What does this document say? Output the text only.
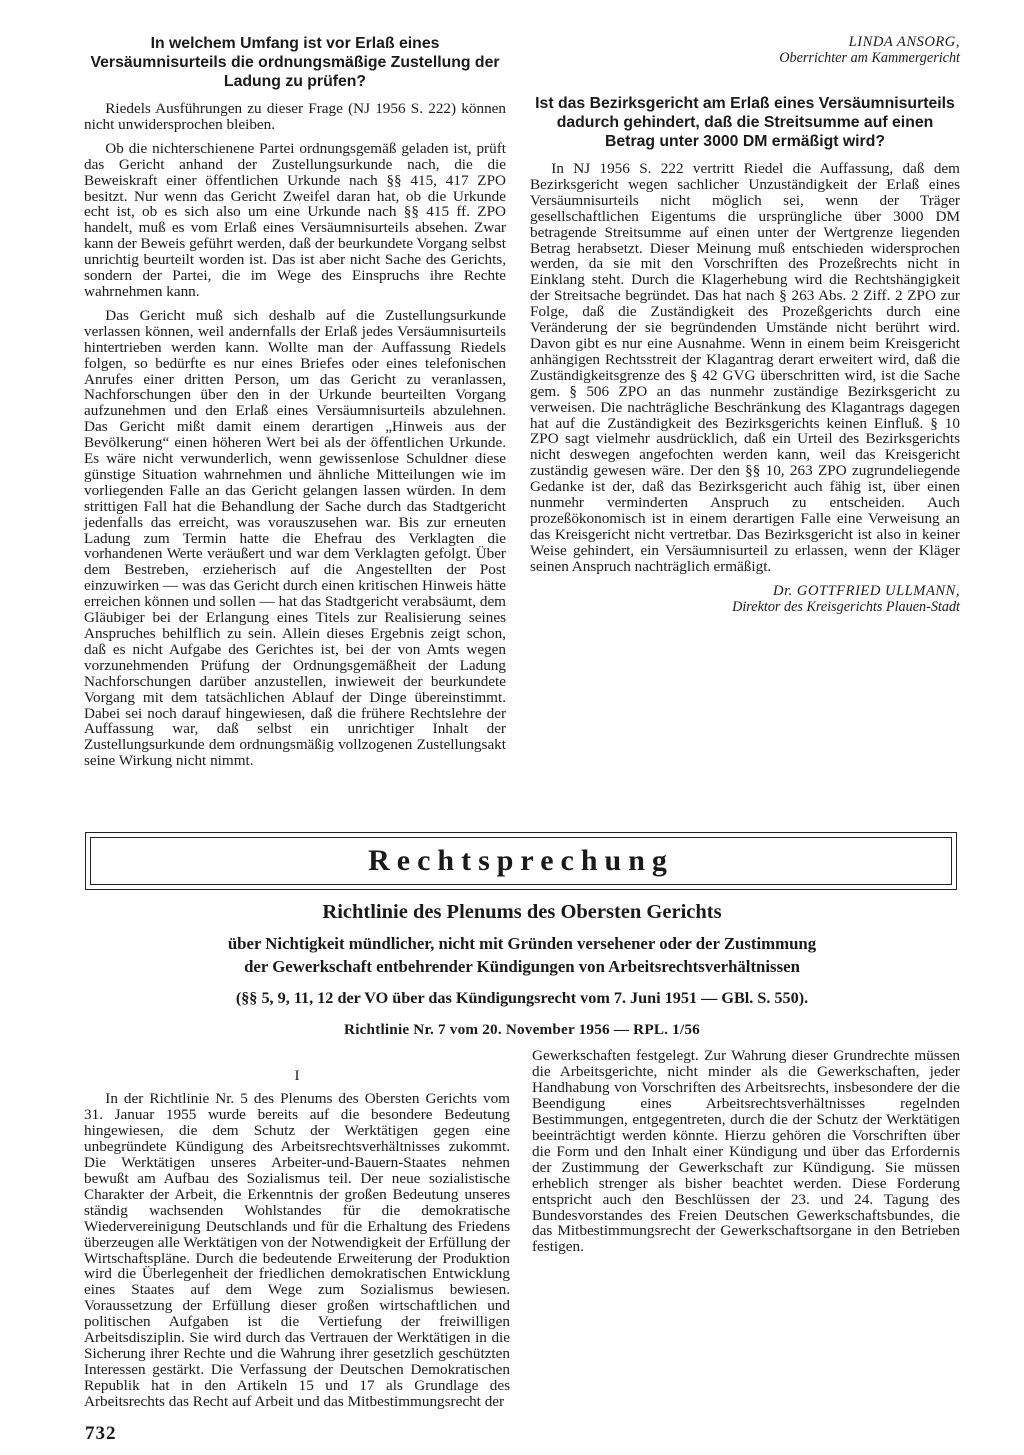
In welchem Umfang ist vor Erlaß eines Versäumnisurteils die ordnungsmäßige Zustellung der Ladung zu prüfen?

Riedels Ausführungen zu dieser Frage (NJ 1956 S. 222) können nicht unwidersprochen bleiben.

Ob die nichterschienene Partei ordnungsgemäß geladen ist, prüft das Gericht anhand der Zustellungsurkunde nach, die die Beweiskraft einer öffentlichen Urkunde nach §§ 415, 417 ZPO besitzt. Nur wenn das Gericht Zweifel daran hat, ob die Urkunde echt ist, ob es sich also um eine Urkunde nach §§ 415 ff. ZPO handelt, muß es vom Erlaß eines Versäumnisurteils absehen. Zwar kann der Beweis geführt werden, daß der beurkundete Vorgang selbst unrichtig beurteilt worden ist. Das ist aber nicht Sache des Gerichts, sondern der Partei, die im Wege des Einspruchs ihre Rechte wahrnehmen kann.

Das Gericht muß sich deshalb auf die Zustellungsurkunde verlassen können, weil andernfalls der Erlaß jedes Versäumnisurteils hintertrieben werden kann. Wollte man der Auffassung Riedels folgen, so bedürfte es nur eines Briefes oder eines telefonischen Anrufes einer dritten Person, um das Gericht zu veranlassen, Nachforschungen über den in der Urkunde beurteilten Vorgang aufzunehmen und den Erlaß eines Versäumnisurteils abzulehnen. Das Gericht mißt damit einem derartigen „Hinweis aus der Bevölkerung“ einen höheren Wert bei als der öffentlichen Urkunde. Es wäre nicht verwunderlich, wenn gewissenlose Schuldner diese günstige Situation wahrnehmen und ähnliche Mitteilungen wie im vorliegenden Falle an das Gericht gelangen lassen würden. In dem strittigen Fall hat die Behandlung der Sache durch das Stadtgericht jedenfalls das erreicht, was vorauszusehen war. Bis zur erneuten Ladung zum Termin hatte die Ehefrau des Verklagten die vorhandenen Werte veräußert und war dem Verklagten gefolgt. Über dem Bestreben, erzieherisch auf die Angestellten der Post einzuwirken — was das Gericht durch einen kritischen Hinweis hätte erreichen können und sollen — hat das Stadtgericht verabsäumt, dem Gläubiger bei der Erlangung eines Titels zur Realisierung seines Anspruches behilflich zu sein. Allein dieses Ergebnis zeigt schon, daß es nicht Aufgabe des Gerichtes ist, bei der von Amts wegen vorzunehmenden Prüfung der Ordnungsgemäßheit der Ladung Nachforschungen darüber anzustellen, inwieweit der beurkundete Vorgang mit dem tatsächlichen Ablauf der Dinge übereinstimmt. Dabei sei noch darauf hingewiesen, daß die frühere Rechtslehre der Auffassung war, daß selbst ein unrichtiger Inhalt der Zustellungsurkunde dem ordnungsmäßig vollzogenen Zustellungsakt seine Wirkung nicht nimmt.

LINDA ANSORG,

Oberrichter am Kammergericht

Ist das Bezirksgericht am Erlaß eines Versäumnisurteils dadurch gehindert, daß die Streitsumme auf einen Betrag unter 3000 DM ermäßigt wird?

In NJ 1956 S. 222 vertritt Riedel die Auffassung, daß dem Bezirksgericht wegen sachlicher Unzuständigkeit der Erlaß eines Versäumnisurteils nicht möglich sei, wenn der Träger gesellschaftlichen Eigentums die ursprüngliche über 3000 DM betragende Streitsumme auf einen unter der Wertgrenze liegenden Betrag herabsetzt. Dieser Meinung muß entschieden widersprochen werden, da sie mit den Vorschriften des Prozeßrechts nicht in Einklang steht. Durch die Klagerhebung wird die Rechtshängigkeit der Streitsache begründet. Das hat nach § 263 Abs. 2 Ziff. 2 ZPO zur Folge, daß die Zuständigkeit des Prozeßgerichts durch eine Veränderung der sie begründenden Umstände nicht berührt wird. Davon gibt es nur eine Ausnahme. Wenn in einem beim Kreisgericht anhängigen Rechtsstreit der Klagantrag derart erweitert wird, daß die Zuständigkeitsgrenze des § 42 GVG überschritten wird, ist die Sache gem. § 506 ZPO an das nunmehr zuständige Bezirksgericht zu verweisen. Die nachträgliche Beschränkung des Klagantrags dagegen hat auf die Zuständigkeit des Bezirksgerichts keinen Einfluß. § 10 ZPO sagt vielmehr ausdrücklich, daß ein Urteil des Bezirksgerichts nicht deswegen angefochten werden kann, weil das Kreisgericht zuständig gewesen wäre. Der den §§ 10, 263 ZPO zugrundeliegende Gedanke ist der, daß das Bezirksgericht auch fähig ist, über einen nunmehr verminderten Anspruch zu entscheiden. Auch prozeßökonomisch ist in einem derartigen Falle eine Verweisung an das Kreisgericht nicht vertretbar. Das Bezirksgericht ist also in keiner Weise gehindert, ein Versäumnisurteil zu erlassen, wenn der Kläger seinen Anspruch nachträglich ermäßigt.

Dr. GOTTFRIED ULLMANN,

Direktor des Kreisgerichts Plauen-Stadt

Rechtsprechung
Richtlinie des Plenums des Obersten Gerichts

über Nichtigkeit mündlicher, nicht mit Gründen versehener oder der Zustimmung

der Gewerkschaft entbehrender Kündigungen von Arbeitsrechtsverhältnissen

(§§ 5, 9, 11, 12 der VO über das Kündigungsrecht vom 7. Juni 1951 — GBl. S. 550).

Richtlinie Nr. 7 vom 20. November 1956 — RPL. 1/56

I

In der Richtlinie Nr. 5 des Plenums des Obersten Gerichts vom 31. Januar 1955 wurde bereits auf die besondere Bedeutung hingewiesen, die dem Schutz der Werktätigen gegen eine unbegründete Kündigung des Arbeitsrechtsverhältnisses zukommt. Die Werktätigen unseres Arbeiter-und-Bauern-Staates nehmen bewußt am Aufbau des Sozialismus teil. Der neue sozialistische Charakter der Arbeit, die Erkenntnis der großen Bedeutung unseres ständig wachsenden Wohlstandes für die demokratische Wiedervereinigung Deutschlands und für die Erhaltung des Friedens überzeugen alle Werktätigen von der Notwendigkeit der Erfüllung der Wirtschaftspläne. Durch die bedeutende Erweiterung der Produktion wird die Überlegenheit der friedlichen demokratischen Entwicklung eines Staates auf dem Wege zum Sozialismus bewiesen. Voraussetzung der Erfüllung dieser großen wirtschaftlichen und politischen Aufgaben ist die Vertiefung der freiwilligen Arbeitsdisziplin. Sie wird durch das Vertrauen der Werktätigen in die Sicherung ihrer Rechte und die Wahrung ihrer gesetzlich geschützten Interessen gestärkt. Die Verfassung der Deutschen Demokratischen Republik hat in den Artikeln 15 und 17 als Grundlage des Arbeitsrechts das Recht auf Arbeit und das Mitbestimmungsrecht der

Gewerkschaften festgelegt. Zur Wahrung dieser Grundrechte müssen die Arbeitsgerichte, nicht minder als die Gewerkschaften, jeder Handhabung von Vorschriften des Arbeitsrechts, insbesondere der die Beendigung eines Arbeitsrechtsverhältnisses regelnden Bestimmungen, entgegentreten, durch die der Schutz der Werktätigen beeinträchtigt werden könnte. Hierzu gehören die Vorschriften über die Form und den Inhalt einer Kündigung und über das Erfordernis der Zustimmung der Gewerkschaft zur Kündigung. Sie müssen erheblich strenger als bisher beachtet werden. Diese Forderung entspricht auch den Beschlüssen der 23. und 24. Tagung des Bundesvorstandes des Freien Deutschen Gewerkschaftsbundes, die das Mitbestimmungsrecht der Gewerkschaftsorgane in den Betrieben festigen.

732
